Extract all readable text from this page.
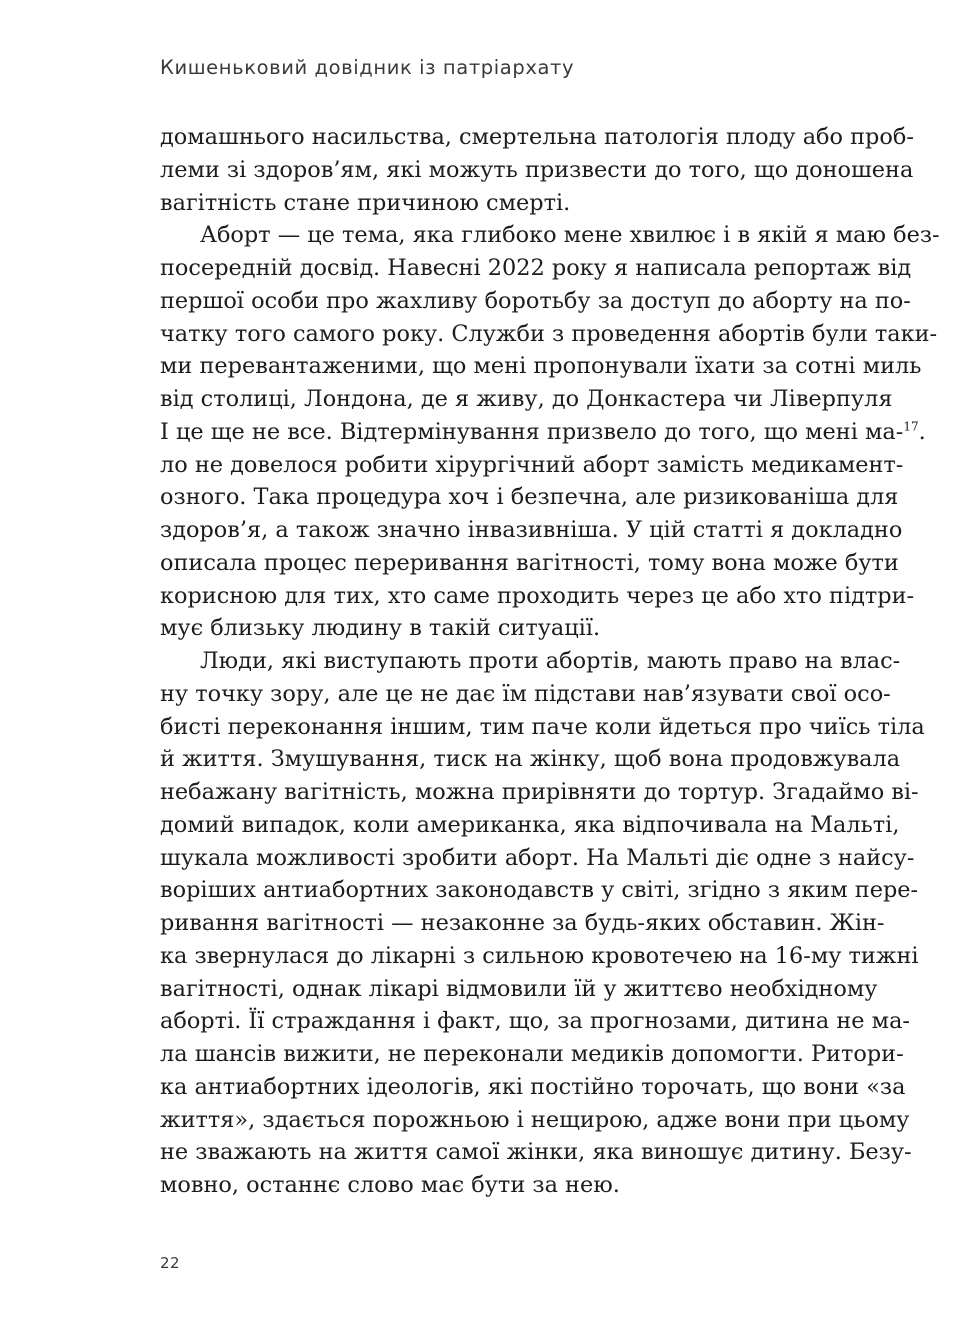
Кишеньковий довідник із патріархату
домашнього насильства, смертельна патологія плоду або проб-
леми зі здоров’ям, які можуть призвести до того, що доношена
вагітність стане причиною смерті.
Аборт — це тема, яка глибоко мене хвилює і в якій я маю без-
посередній досвід. Навесні 2022 року я написала репортаж від
першої особи про жахливу боротьбу за доступ до аборту на по-
чатку того самого року. Служби з проведення абортів були таки-
ми перевантаженими, що мені пропонували їхати за сотні миль
від столиці, Лондона, де я живу, до Донкастера чи Ліверпуля
І це ще не все. Відтермінування призвело до того, що мені ма-$^{17}$.
ло не довелося робити хірургічний аборт замість медикамент-
озного. Така процедура хоч і безпечна, але ризикованіша для
здоров’я, а також значно інвазивніша. У цій статті я докладно
описала процес переривання вагітності, тому вона може бути
корисною для тих, хто саме проходить через це або хто підтри-
мує близьку людину в такій ситуації.
Люди, які виступають проти абортів, мають право на влас-
ну точку зору, але це не дає їм підстави нав’язувати свої осо-
бисті переконання іншим, тим паче коли йдеться про чиїсь тіла
й життя. Змушування, тиск на жінку, щоб вона продовжувала
небажану вагітність, можна прирівняти до тортур. Згадаймо ві-
домий випадок, коли американка, яка відпочивала на Мальті,
шукала можливості зробити аборт. На Мальті діє одне з найсу-
воріших антиабортних законодавств у світі, згідно з яким пере-
ривання вагітності — незаконне за будь-яких обставин. Жін-
ка звернулася до лікарні з сильною кровотечею на 16-му тижні
вагітності, однак лікарі відмовили їй у життєво необхідному
аборті. Її страждання і факт, що, за прогнозами, дитина не ма-
ла шансів вижити, не переконали медиків допомогти. Ритори-
ка антиабортних ідеологів, які постійно торочать, що вони «за
життя», здається порожньою і нещирою, адже вони при цьому
не зважають на життя самої жінки, яка виношує дитину. Безу-
мовно, останнє слово має бути за нею.
22
